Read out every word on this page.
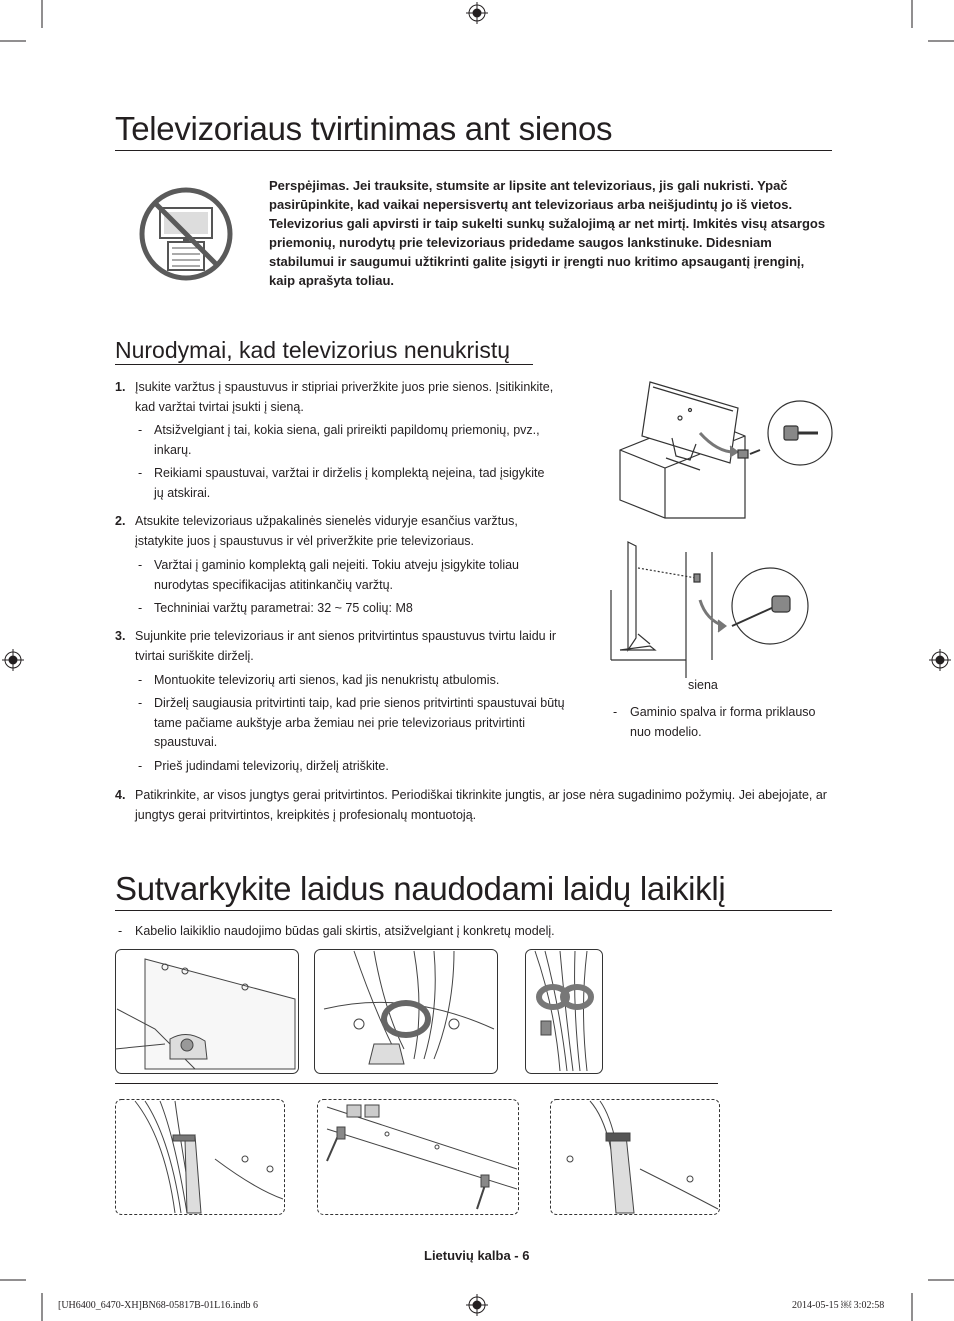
Televizoriaus tvirtinimas ant sienos
Perspėjimas. Jei trauksite, stumsite ar lipsite ant televizoriaus, jis gali nukristi. Ypač pasirūpinkite, kad vaikai nepersisvertų ant televizoriaus arba neišjudintų jo iš vietos. Televizorius gali apvirsti ir taip sukelti sunkų sužalojimą ar net mirtį. Imkitės visų atsargos priemonių, nurodytų prie televizoriaus pridedame saugos lankstinuke. Didesniam stabilumui ir saugumui užtikrinti galite įsigyti ir įrengti nuo kritimo apsaugantį įrenginį, kaip aprašyta toliau.
Nurodymai, kad televizorius nenukristų
1. Įsukite varžtus į spaustuvus ir stipriai priveržkite juos prie sienos. Įsitikinkite, kad varžtai tvirtai įsukti į sieną.
- Atsižvelgiant į tai, kokia siena, gali prireikti papildomų priemonių, pvz., inkarų.
- Reikiami spaustuvai, varžtai ir dirželis į komplektą neįeina, tad įsigykite jų atskirai.
2. Atsukite televizoriaus užpakalinės sienelės viduryje esančius varžtus, įstatykite juos į spaustuvus ir vėl priveržkite prie televizoriaus.
- Varžtai į gaminio komplektą gali neįeiti. Tokiu atveju įsigykite toliau nurodytas specifikacijas atitinkančių varžtų.
- Techniniai varžtų parametrai: 32 ~ 75 colių: M8
3. Sujunkite prie televizoriaus ir ant sienos pritvirtintus spaustuvus tvirtu laidu ir tvirtai suriškite dirželį.
- Montuokite televizorių arti sienos, kad jis nenukristų atbulomis.
- Dirželį saugiausia pritvirtinti taip, kad prie sienos pritvirtinti spaustuvai būtų tame pačiame aukštyje arba žemiau nei prie televizoriaus pritvirtinti spaustuvai.
- Prieš judindami televizorių, dirželį atriškite.
4. Patikrinkite, ar visos jungtys gerai pritvirtintos. Periodiškai tikrinkite jungtis, ar jose nėra sugadinimo požymių. Jei abejojate, ar jungtys gerai pritvirtintos, kreipkitės į profesionalų montuotoją.
siena
- Gaminio spalva ir forma priklauso nuo modelio.
Sutvarkykite laidus naudodami laidų laikiklį
- Kabelio laikiklio naudojimo būdas gali skirtis, atsižvelgiant į konkretų modelį.
Lietuvių kalba - 6
[UH6400_6470-XH]BN68-05817B-01L16.indb 6	2014-05-15 ￼ 3:02:58
